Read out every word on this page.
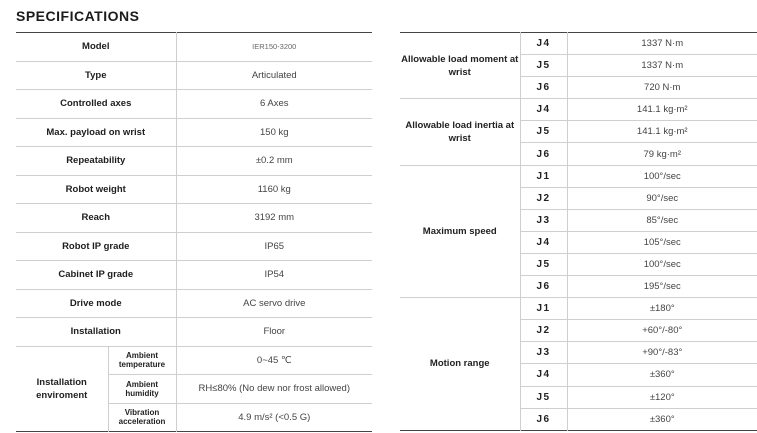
SPECIFICATIONS
Model		IER150-3200
Type		Articulated
Controlled axes		6 Axes
Max. payload on wrist		150 kg
Repeatability		±0.2 mm
Robot weight		1160 kg
Reach		3192 mm
Robot IP grade		IP65
Cabinet IP grade		IP54
Drive mode		AC servo drive
Installation		Floor
Installation enviroment	Ambient temperature	0~45 ℃
	Ambient humidity	RH≤80% (No dew nor frost allowed)
	Vibration acceleration	4.9 m/s² (<0.5 G)
Allowable load moment at wrist	J4	1337 N·m
	J5	1337 N·m
	J6	720 N·m
Allowable load inertia at wrist	J4	141.1 kg·m²
	J5	141.1 kg·m²
	J6	79 kg·m²
Maximum speed	J1	100°/sec
	J2	90°/sec
	J3	85°/sec
	J4	105°/sec
	J5	100°/sec
	J6	195°/sec
Motion range	J1	±180°
	J2	+60°/-80°
	J3	+90°/-83°
	J4	±360°
	J5	±120°
	J6	±360°
